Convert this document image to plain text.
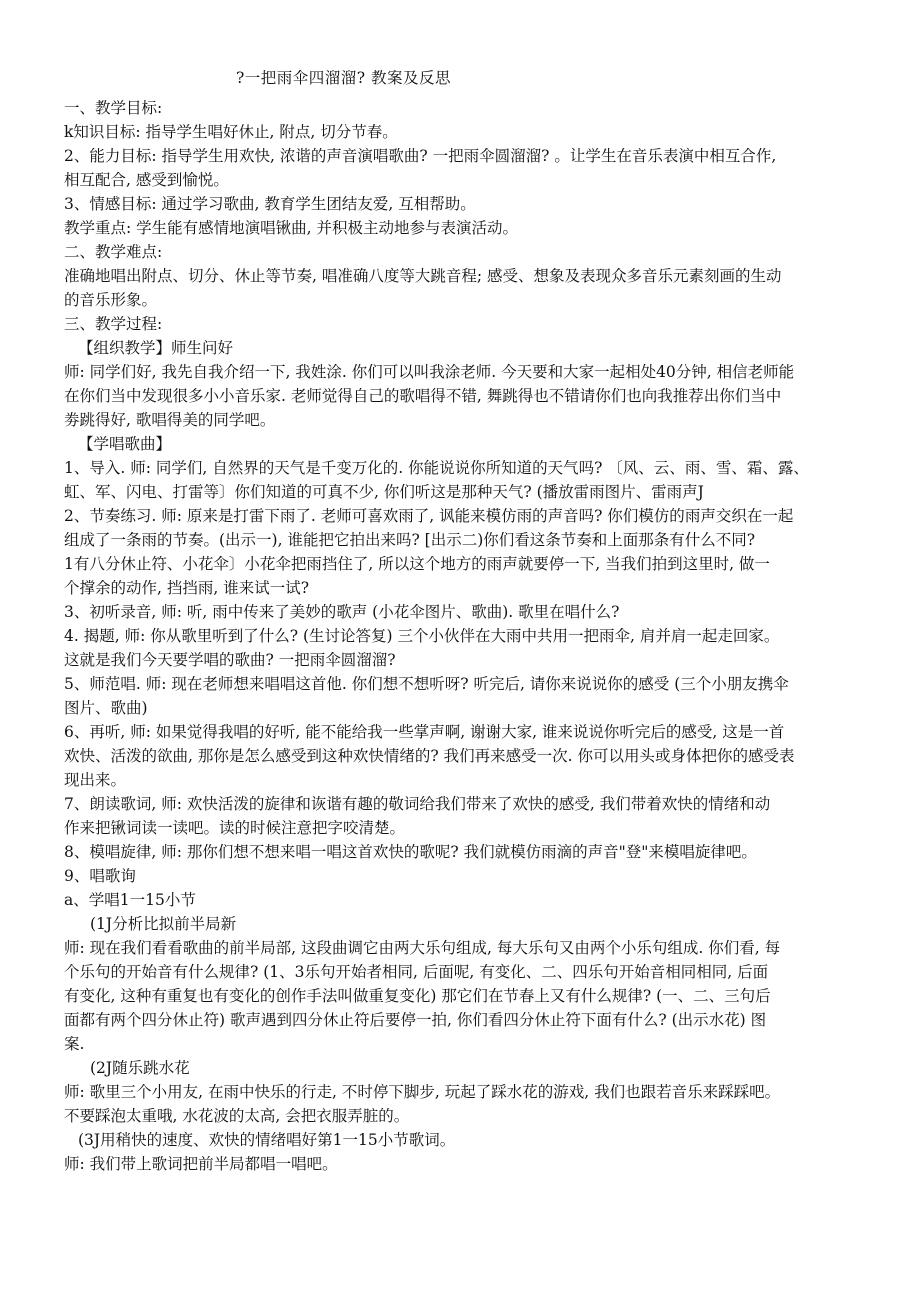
?一把雨伞四溜溜? 教案及反思
一、教学目标:
k知识目标: 指导学生唱好休止, 附点, 切分节春。
2、能力目标: 指导学生用欢快, 浓谐的声音演唱歌曲? 一把雨伞圆溜溜? 。让学生在音乐表演中相互合作,
相互配合, 感受到愉悦。
3、情感目标: 通过学习歌曲, 教育学生团结友爱, 互相帮助。
教学重点: 学生能有感情地演唱锹曲, 并积极主动地参与表演活动。
二、教学难点:
准确地唱出附点、切分、休止等节奏, 唱准确八度等大跳音程; 感受、想象及表现众多音乐元素刻画的生动
的音乐形象。
三、教学过程:
【组织教学】师生问好
师: 同学们好, 我先自我介绍一下, 我姓涂. 你们可以叫我涂老师. 今天要和大家一起相处40分钟, 相信老师能
在你们当中发现很多小小音乐家. 老师觉得自己的歌唱得不错, 舞跳得也不错请你们也向我推荐出你们当中
劵跳得好, 歌唱得美的同学吧。
【学唱歌曲】
1、导入. 师: 同学们, 自然界的天气是千变万化的. 你能说说你所知道的天气吗? 〔风、云、雨、雪、霜、露、
虹、军、闪电、打雷等〕你们知道的可真不少, 你们听这是那种天气? (播放雷雨图片、雷雨声J
2、节奏练习. 师: 原来是打雷下雨了. 老师可喜欢雨了, 讽能来模仿雨的声音吗? 你们模仿的雨声交织在一起
组成了一条雨的节奏。(出示一), 谁能把它拍出来吗? [出示二)你们看这条节奏和上面那条有什么不同?
1有八分休止符、小花伞〕小花伞把雨挡住了, 所以这个地方的雨声就要停一下, 当我们拍到这里时, 做一
个撑余的动作, 挡挡雨, 谁来试一试?
3、初听录音, 师: 听, 雨中传来了美妙的歌声 (小花伞图片、歌曲). 歌里在唱什么?
4. 揭题, 师: 你从歌里听到了什么? (生讨论答复) 三个小伙伴在大雨中共用一把雨伞, 肩并肩一起走回家。
这就是我们今天要学唱的歌曲? 一把雨伞圆溜溜?
5、师范唱. 师: 现在老师想来唱唱这首他. 你们想不想听呀? 听完后, 请你来说说你的感受 (三个小朋友携伞
图片、歌曲)
6、再听, 师: 如果觉得我唱的好听, 能不能给我一些掌声啊, 谢谢大家, 谁来说说你听完后的感受, 这是一首
欢快、活泼的欲曲, 那你是怎么感受到这种欢快情绪的? 我们再来感受一次. 你可以用头或身体把你的感受表
现出来。
7、朗读歌词, 师: 欢快活泼的旋律和诙谐有趣的敬词给我们带来了欢快的感受, 我们带着欢快的情绪和动
作来把锹词读一读吧。读的时候注意把字咬清楚。
8、模唱旋律, 师: 那你们想不想来唱一唱这首欢快的歌呢? 我们就模仿雨滴的声音"登"来模唱旋律吧。
9、唱歌询
a、学唱1一15小节
(1J分析比拟前半局新
师: 现在我们看看歌曲的前半局部, 这段曲调它由两大乐句组成, 每大乐句又由两个小乐句组成. 你们看, 每
个乐句的开始音有什么规律? (1、3乐句开始者相同, 后面呢, 有变化、二、四乐句开始音相同相同, 后面
有变化, 这种有重复也有变化的创作手法叫做重复变化) 那它们在节春上又有什么规律? (一、二、三句后
面都有两个四分休止符) 歌声遇到四分休止符后要停一拍, 你们看四分休止符下面有什么? (出示水花) 图
案.
(2J随乐跳水花
师: 歌里三个小用友, 在雨中快乐的行走, 不时停下脚步, 玩起了踩水花的游戏, 我们也跟若音乐来踩踩吧。
不要踩泡太重哦, 水花波的太高, 会把衣服弄脏的。
(3J用稍快的速度、欢快的情绪唱好第1一15小节歌词。
师: 我们带上歌词把前半局都唱一唱吧。
